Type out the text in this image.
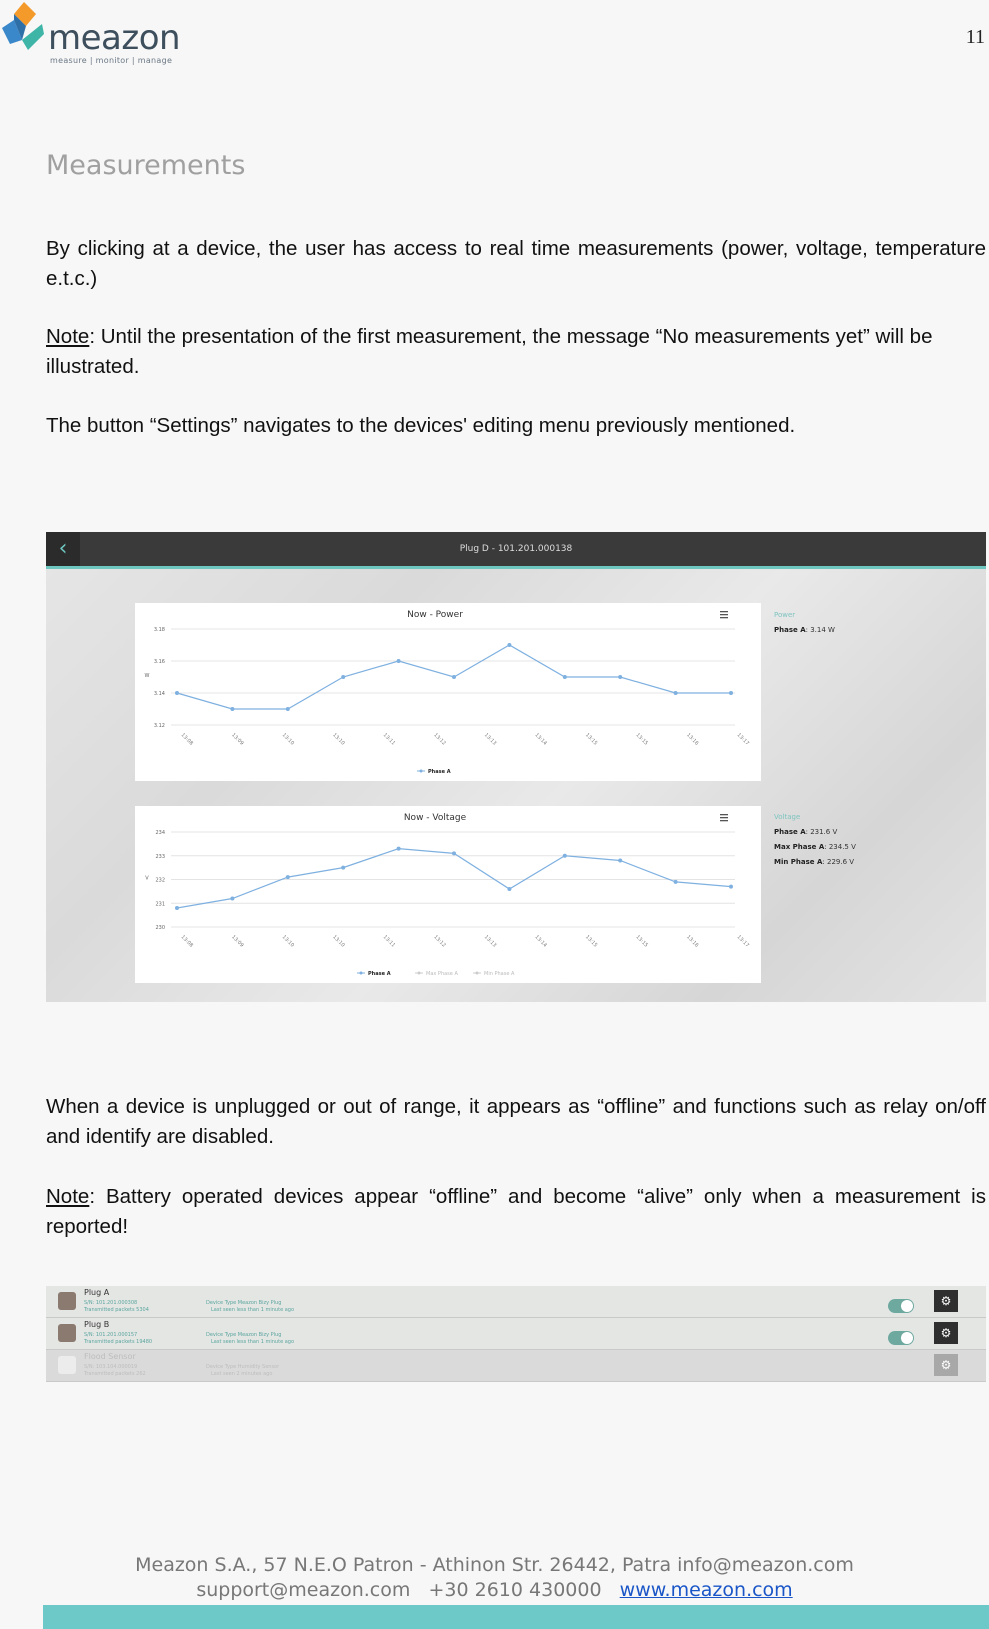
meazon
measure | monitor | manage
11
Measurements

By clicking at a device, the user has access to real time measurements (power, voltage, temperature e.t.c.)

Note: Until the presentation of the first measurement, the message “No measurements yet” will be illustrated.

The button “Settings” navigates to the devices' editing menu previously mentioned.

Plug D - 101.201.000138
‹
Now - Power
3.18
3.16
3.14
3.12
W
13:08	13:09	13:10	13:10	13:11	13:12	13:13	13:14	13:15	13:15	13:16	13:17
Phase A
Power
Phase A: 3.14 W
Now - Voltage
234
233
232
231
230
V
13:08	13:09	13:10	13:10	13:11	13:12	13:13	13:14	13:15	13:15	13:16	13:17
Phase A	Max Phase A	Min Phase A
Voltage
Phase A: 231.6 V
Max Phase A: 234.5 V
Min Phase A: 229.6 V

When a device is unplugged or out of range, it appears as “offline” and functions such as relay on/off and identify are disabled.

Note: Battery operated devices appear “offline” and become “alive” only when a measurement is reported!

Plug A
S/N: 101.201.000308
Transmitted packets 5304
Device Type Meazon Bizy Plug
Last seen less than 1 minute ago
⚙
Plug B
S/N: 101.201.000157
Transmitted packets 19480
Device Type Meazon Bizy Plug
Last seen less than 1 minute ago
⚙
Flood Sensor
S/N: 103.104.000019
Transmitted packets 262
Device Type Humidity Sensor
Last seen 2 minutes ago
⚙
Meazon S.A., 57 N.E.O Patron - Athinon Str. 26442, Patra info@meazon.com
support@meazon.com +30 2610 430000 www.meazon.com
